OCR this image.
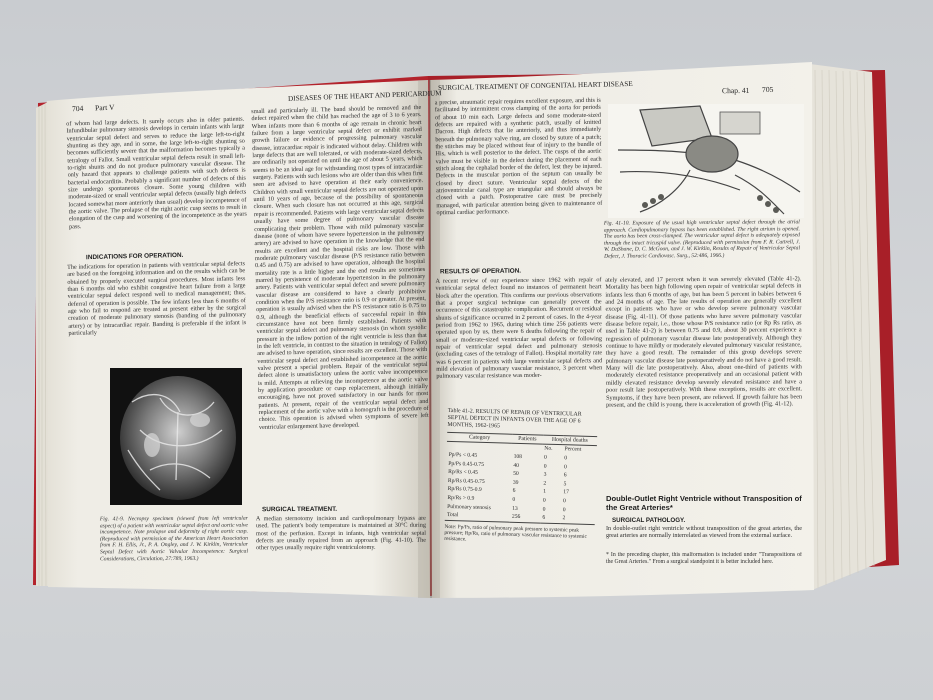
704 Part V
DISEASES OF THE HEART AND PERICARDIUM
of whom had large defects. It surely occurs also in older patients. Infundibular pulmonary stenosis develops in certain infants with large ventricular septal defect and serves to reduce the large left-to-right shunting as they age, and in some, the large left-to-right shunting so becomes sufficiently severe that the malformation becomes typically a tetralogy of Fallot. Small ventricular septal defects result in small left-to-right shunts and do not produce pulmonary vascular disease. The only hazard that appears to challenge patients with such defects is bacterial endocarditis. Probably a significant number of defects of this size undergo spontaneous closure. Some young children with moderate-sized or small ventricular septal defects (usually high defects located somewhat more anteriorly than usual) develop incompetence of the aortic valve. The prolapse of the right aortic cusp seems to result in elongation of the cusp and worsening of the incompetence as the years pass.
INDICATIONS FOR OPERATION.
The indications for operation in patients with ventricular septal defects are based on the foregoing information and on the results which can be obtained by properly executed surgical procedures. Most infants less than 6 months old who exhibit congestive heart failure from a large ventricular septal defect respond well to medical management; thus, deferral of operation is possible. The few infants less than 6 months of age who fail to respond are treated at present either by the surgical creation of moderate pulmonary stenosis (banding of the pulmonary artery) or by intracardiac repair. Banding is preferable if the infant is particularly
Fig. 41-9. Necropsy specimen (viewed from left ventricular aspect) of a patient with ventricular septal defect and aortic valve incompetence. Note prolapse and deformity of right aortic cusp. (Reproduced with permission of the American Heart Association from F. H. Ellis, Jr., P. A. Ongley, and J. W. Kirklin, Ventricular Septal Defect with Aortic Valvular Incompetence: Surgical Considerations, Circulation, 27:789, 1963.)
small and particularly ill. The band should be removed and the defect repaired when the child has reached the age of 3 to 6 years. When infants more than 6 months of age remain in chronic heart failure from a large ventricular septal defect or exhibit marked growth failure or evidence of progressing pulmonary vascular disease, intracardiac repair is indicated without delay. Children with large defects that are well tolerated, or with moderate-sized defects, are ordinarily not operated on until the age of about 5 years, which seems to be an ideal age for withstanding most types of intracardiac surgery. Patients with such lesions who are older than this when first seen are advised to have operation at their early convenience. Children with small ventricular septal defects are not operated upon until 10 years of age, because of the possibility of spontaneous closure. When such closure has not occurred at this age, surgical repair is recommended. Patients with large ventricular septal defects usually have some degree of pulmonary vascular disease complicating their problem. Those with mild pulmonary vascular disease (none of whom have severe hypertension in the pulmonary artery) are advised to have operation in the knowledge that the end results are excellent and the hospital risks are low. Those with moderate pulmonary vascular disease (P/S resistance ratio between 0.45 and 0.75) are advised to have operation, although the hospital mortality rate is a little higher and the end results are sometimes marred by persistence of moderate hypertension in the pulmonary artery. Patients with ventricular septal defect and severe pulmonary vascular disease are considered to have a clearly prohibitive condition when the P/S resistance ratio is 0.9 or greater. At present, operation is usually advised when the P/S resistance ratio is 0.75 to 0.9, although the beneficial effects of successful repair in this circumstance have not been firmly established. Patients with ventricular septal defect and pulmonary stenosis (in whom systolic pressure in the inflow portion of the right ventricle is less than that in the left ventricle, in contrast to the situation in tetralogy of Fallot) are advised to have operation, since results are excellent. Those with ventricular septal defect and established incompetence at the aortic valve present a special problem. Repair of the ventricular septal defect alone is unsatisfactory unless the aortic valve incompetence is mild. Attempts at relieving the incompetence at the aortic valve by application procedure or cusp replacement, although initially encouraging, have not proved satisfactory in our hands for most patients. At present, repair of the ventricular septal defect and replacement of the aortic valve with a homograft is the procedure of choice. This operation is advised when symptoms of severe left ventricular enlargement have developed.
SURGICAL TREATMENT.
A median sternotomy incision and cardiopulmonary bypass are used. The patient's body temperature is maintained at 30°C during most of the perfusion. Except in infants, high ventricular septal defects are usually repaired from an approach (Fig. 41-10). The other types usually require right ventriculotomy.
SURGICAL TREATMENT OF CONGENITAL HEART DISEASE	Chap. 41 705
a precise, atraumatic repair requires excellent exposure, and this is facilitated by intermittent cross clamping of the aorta for periods of about 10 min each. Large defects and some moderate-sized defects are repaired with a synthetic patch, usually of knitted Dacron. High defects that lie anteriorly, and thus immediately beneath the pulmonary valve ring, are closed by suture of a patch; the stitches may be placed without fear of injury to the bundle of His, which is well posterior to the defect. The cusps of the aortic valve must be visible in the defect during the placement of each stitch along the cephalad border of the defect, lest they be injured. Defects in the muscular portion of the septum can usually be closed by direct suture. Ventricular septal defects of the atrioventricular canal type are triangular and should always be closed with a patch. Postoperative care must be precisely managed, with particular attention being given to maintenance of optimal cardiac performance.
RESULTS OF OPERATION.
A recent review of our experience since 1962 with repair of ventricular septal defect found no instances of permanent heart block after the operation. This confirms our previous observations that a proper surgical technique can generally prevent the occurrence of this catastrophic complication. Recurrent or residual shunts of significance occurred in 2 percent of cases. In the 4-year period from 1962 to 1965, during which time 256 patients were operated upon by us, there were 6 deaths following the repair of small or moderate-sized ventricular septal defects or following repair of ventricular septal defect and pulmonary stenosis (excluding cases of the tetralogy of Fallot). Hospital mortality rate was 6 percent in patients with large ventricular septal defects and mild elevation of pulmonary vascular resistance, 3 percent when pulmonary vascular resistance was moder-
Table 41-2. RESULTS OF REPAIR OF VENTRICULAR SEPTAL DEFECT IN INFANTS OVER THE AGE OF 6 MONTHS, 1962-1965
Category	Patients	Hospital deaths	
		No.	Percent
Pp/Ps < 0.45	108	0	0
Pp/Ps 0.45-0.75	40	0	0
Rp/Rs < 0.45	50	3	6
Rp/Rs 0.45-0.75	39	2	5
Rp/Rs 0.75-0.9	6	1	17
Rp/Rs > 0.9	0	0	0
Pulmonary stenosis	13	0	0
Total	256	6	2
Note: Pp/Ps, ratio of pulmonary peak pressure to systemic peak pressure; Rp/Rs, ratio of pulmonary vascular resistance to systemic resistance.
Fig. 41-10. Exposure of the usual high ventricular septal defect through the atrial approach. Cardiopulmonary bypass has been established. The right atrium is opened. The aorta has been cross-clamped. The ventricular septal defect is adequately exposed through the intact tricuspid valve. (Reproduced with permission from F. R. Cattrell, J. W. DuShane, D. C. McGoon, and J. W. Kirklin, Results of Repair of Ventricular Septal Defect, J. Thoracic Cardiovasc. Surg., 52:486, 1966.)
ately elevated, and 17 percent when it was severely elevated (Table 41-2). Mortality has been high following open repair of ventricular septal defects in infants less than 6 months of age, but has been 5 percent in babies between 6 and 24 months of age. The late results of operation are generally excellent except in patients who have or who develop severe pulmonary vascular disease (Fig. 41-11). Of those patients who have severe pulmonary vascular disease before repair, i.e., those whose P/S resistance ratio (or Rp Rs ratio, as used in Table 41-2) is between 0.75 and 0.9, about 30 percent experience a regression of pulmonary vascular disease late postoperatively. Although they continue to have mildly or moderately elevated pulmonary vascular resistance, they have a good result. The remainder of this group develops severe pulmonary vascular disease late postoperatively and do not have a good result. Many will die late postoperatively. Also, about one-third of patients with moderately elevated resistance preoperatively and an occasional patient with mildly elevated resistance develop severely elevated resistance and have a poor result late postoperatively. With these exceptions, results are excellent. Symptoms, if they have been present, are relieved. If growth failure has been present, and the child is young, there is acceleration of growth (Fig. 41-12).
Double-Outlet Right Ventricle without Transposition of the Great Arteries*
SURGICAL PATHOLOGY.
In double-outlet right ventricle without transposition of the great arteries, the great arteries are normally interrelated as viewed from the external surface.
* In the preceding chapter, this malformation is included under "Transpositions of the Great Arteries." From a surgical standpoint it is better included here.
